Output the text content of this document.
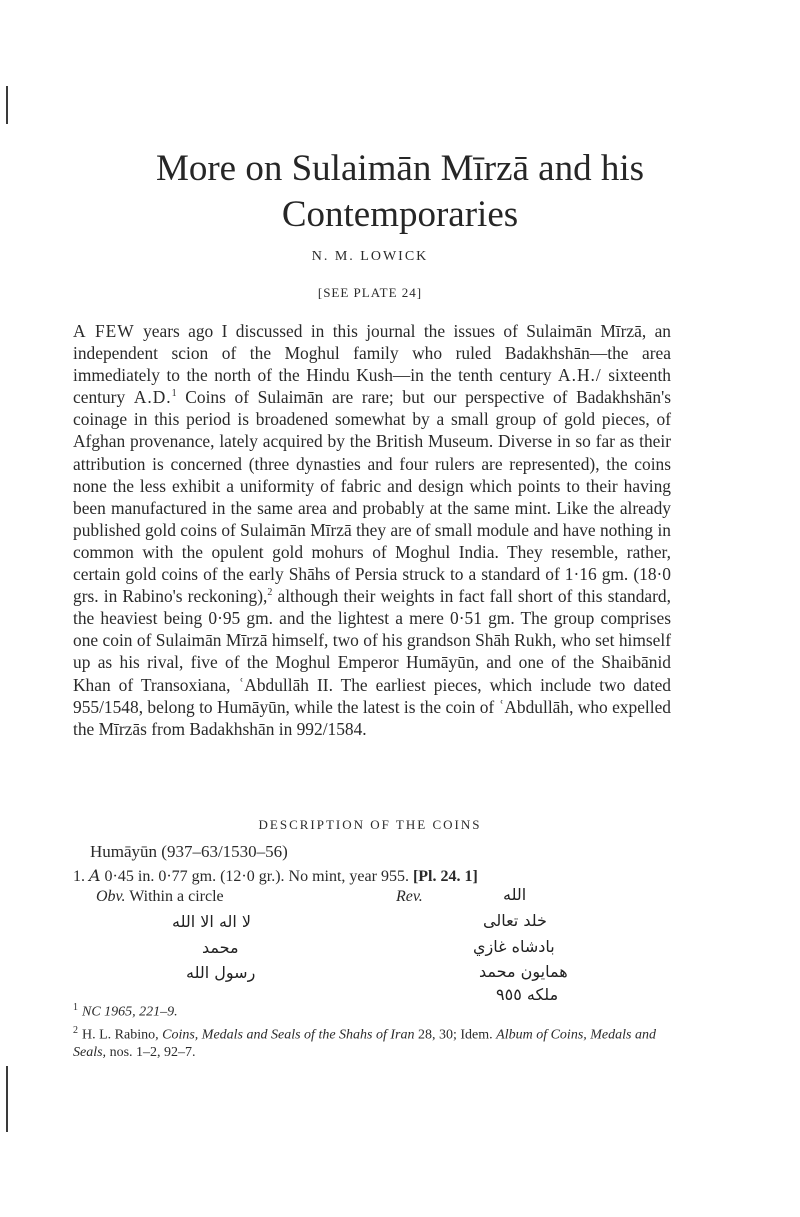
More on Sulaimān Mīrzā and his
Contemporaries
N. M. LOWICK
[SEE PLATE 24]

A FEW years ago I discussed in this journal the issues of Sulaimān Mīrzā, an independent scion of the Moghul family who ruled Badakhshān—the area immediately to the north of the Hindu Kush—in the tenth century A.H./ sixteenth century A.D.$^1$ Coins of Sulaimān are rare; but our perspective of Badakhshān's coinage in this period is broadened somewhat by a small group of gold pieces, of Afghan provenance, lately acquired by the British Museum. Diverse in so far as their attribution is concerned (three dynasties and four rulers are represented), the coins none the less exhibit a uniformity of fabric and design which points to their having been manufactured in the same area and probably at the same mint. Like the already published gold coins of Sulaimān Mīrzā they are of small module and have nothing in common with the opulent gold mohurs of Moghul India. They resemble, rather, certain gold coins of the early Shāhs of Persia struck to a standard of 1·16 gm. (18·0 grs. in Rabino's reckoning),$^2$ although their weights in fact fall short of this standard, the heaviest being 0·95 gm. and the lightest a mere 0·51 gm. The group comprises one coin of Sulaimān Mīrzā himself, two of his grandson Shāh Rukh, who set himself up as his rival, five of the Moghul Emperor Humāyūn, and one of the Shaibānid Khan of Transoxiana, ʿAbdullāh II. The earliest pieces, which include two dated 955/1548, belong to Humāyūn, while the latest is the coin of ʿAbdullāh, who expelled the Mīrzās from Badakhshān in 992/1584.

DESCRIPTION OF THE COINS
Humāyūn (937–63/1530–56)
1. 𝐴 0·45 in. 0·77 gm. (12·0 gr.). No mint, year 955. [Pl. 24. 1]
Obv. Within a circle	Rev.
لا اله الا الله
محمد
رسول الله
الله
خلد تعالى
بادشاه غازي
همايون محمد
ملكه ٩٥٥

$^1$ NC 1965, 221–9.

$^2$ H. L. Rabino, Coins, Medals and Seals of the Shahs of Iran 28, 30; Idem. Album of Coins, Medals and Seals, nos. 1–2, 92–7.
